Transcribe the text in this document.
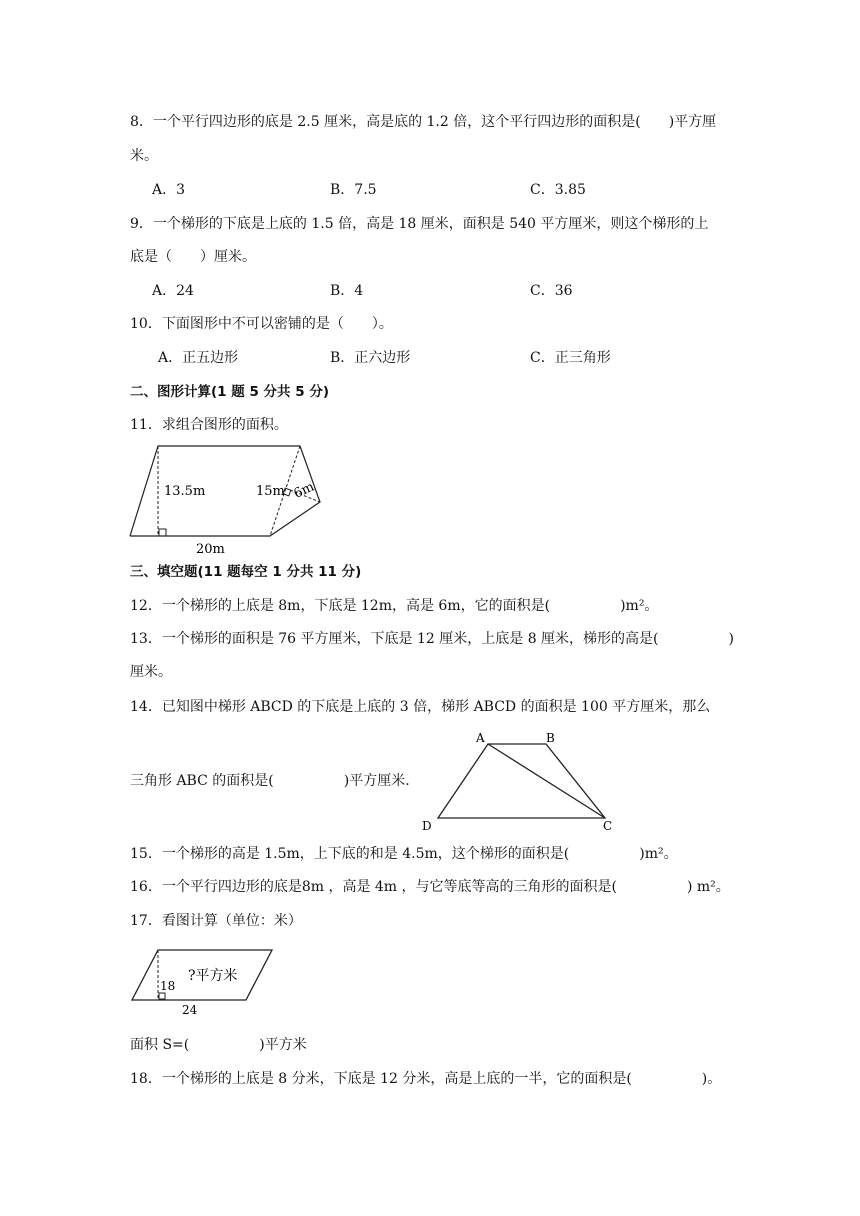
8．一个平行四边形的底是 2.5 厘米，高是底的 1.2 倍，这个平行四边形的面积是(　　)平方厘
米。
A．3	B．7.5	C．3.85
9．一个梯形的下底是上底的 1.5 倍，高是 18 厘米，面积是 540 平方厘米，则这个梯形的上
底是（　　）厘米。
A．24	B．4	C．36
10．下面图形中不可以密铺的是（　　）。
A．正五边形	B．正六边形	C．正三角形
二、图形计算(1 题 5 分共 5 分)
11．求组合图形的面积。
13.5m	15m 6m
20m
三、填空题(11 题每空 1 分共 11 分)
12．一个梯形的上底是 8m，下底是 12m，高是 6m，它的面积是(　　　　　)m²。
13．一个梯形的面积是 76 平方厘米，下底是 12 厘米，上底是 8 厘米，梯形的高是(　　　　　)
厘米。
14．已知图中梯形 ABCD 的下底是上底的 3 倍，梯形 ABCD 的面积是 100 平方厘米，那么
三角形 ABC 的面积是(　　　　　)平方厘米.
A	B
C
D
15．一个梯形的高是 1.5m，上下底的和是 4.5m，这个梯形的面积是(　　　　　)m²。
16．一个平行四边形的底是8m ，高是 4m ，与它等底等高的三角形的面积是(　　　　　) m²。
17．看图计算（单位：米）
?平方米
18
24
面积 S=(　　　　　)平方米
18．一个梯形的上底是 8 分米，下底是 12 分米，高是上底的一半，它的面积是(　　　　　)。
